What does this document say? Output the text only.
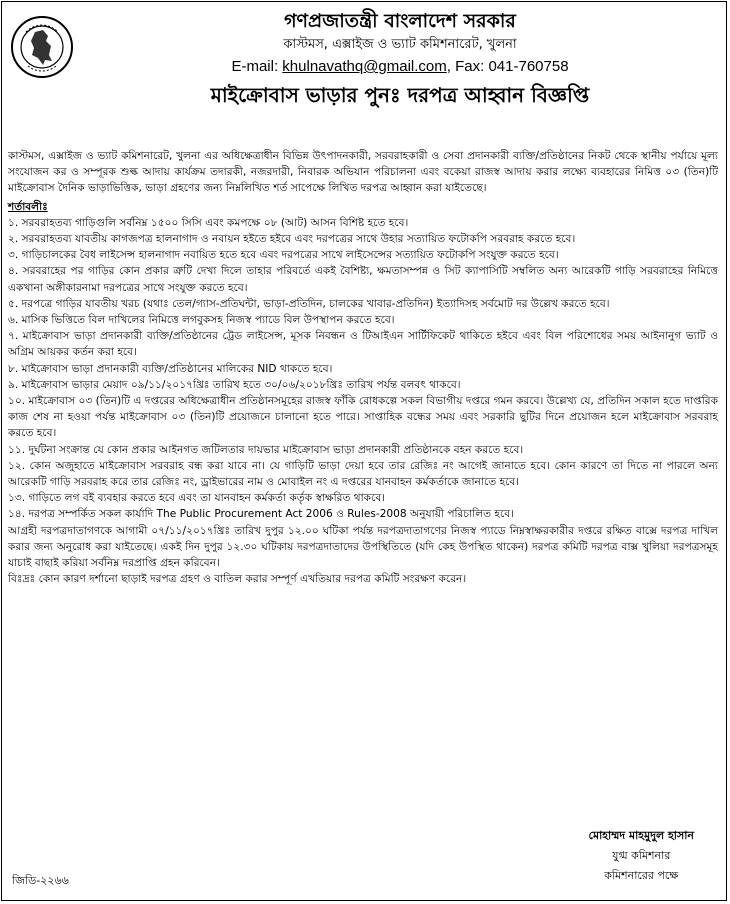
গণপ্রজাতন্ত্রী বাংলাদেশ সরকার
কাস্টমস, এক্সাইজ ও ভ্যাট কমিশনারেট, খুলনা
E-mail: khulnavathq@gmail.com, Fax: 041-760758
মাইক্রোবাস ভাড়ার পুনঃ দরপত্র আহ্বান বিজ্ঞপ্তি

কাস্টমস, এক্সাইজ ও ভ্যাট কমিশনারেট, খুলনা এর অধিক্ষেত্রাধীন বিভিন্ন উৎপাদনকারী, সরবরাহকারী ও সেবা প্রদানকারী ব্যক্তি/প্রতিষ্ঠানের নিকট থেকে স্থানীয় পর্যায়ে মূল্য সংযোজন কর ও সম্পূরক শুল্ক আদায় কার্যক্রম তদারকী, নজরদারী, নিবারক অভিযান পরিচালনা এবং বকেয়া রাজস্ব আদায় করার লক্ষ্যে ব্যবহারের নিমিত্ত ০৩ (তিন)টি মাইক্রোবাস দৈনিক ভাড়াভিত্তিক, ভাড়া গ্রহণের জন্য নিম্নলিখিত শর্ত সাপেক্ষে লিখিত দরপত্র আহ্বান করা যাইতেছে।

শর্তাবলীঃ

১. সরবরাহতব্য গাড়িগুলি সর্বনিম্ন ১৫০০ সিসি এবং কমপক্ষে ০৮ (আট) আসন বিশিষ্ট হতে হবে।

২. সরবরাহতব্য যাবতীয় কাগজপত্র হালনাগাদ ও নবায়ন হইতে হইবে এবং দরপত্রের সাথে উহার সত্যায়িত ফটোকপি সরবরাহ করতে হবে।

৩. গাড়িচালকের বৈধ লাইসেন্স হালনাগাদ নবায়িত হতে হবে এবং দরপত্রের সাথে লাইসেন্সের সত্যায়িত ফটোকপি সংযুক্ত করতে হবে।

৪. সরবরাহের পর গাড়ির কোন প্রকার ত্রুটি দেখা দিলে তাহার পরিবর্তে একই বৈশিষ্ট্য, ক্ষমতাসম্পন্ন ও সিট ক্যাপাসিটি সম্বলিত অন্য আরেকটি গাড়ি সরবরাহের নিমিত্তে একখানা অঙ্গীকারনামা দরপত্রের সাথে সংযুক্ত করতে হবে।

৫. দরপত্রে গাড়ির যাবতীয় খরচ (যথাঃ তেল/গ্যাস-প্রতিঘন্টা, ভাড়া-প্রতিদিন, চালকের খাবার-প্রতিদিন) ইত্যাদিসহ সর্বমোট দর উল্লেখ করতে হবে।

৬. মাসিক ভিত্তিতে বিল দাখিলের নিমিত্তে লগবুকসহ নিজস্ব প্যাডে বিল উপস্থাপন করতে হবে।

৭. মাইক্রোবাস ভাড়া প্রদানকারী ব্যক্তি/প্রতিষ্ঠানের ট্রেড লাইসেন্স, মূসক নিবন্ধন ও টিআইএন সার্টিফিকেট থাকিতে হইবে এবং বিল পরিশোধের সময় আইনানুগ ভ্যাট ও অগ্রিম আয়কর কর্তন করা হবে।

৮. মাইক্রোবাস ভাড়া প্রদানকারী ব্যক্তি/প্রতিষ্ঠানের মালিকের NID থাকতে হবে।

৯. মাইক্রোবাস ভাড়ার মেয়াদ ০৯/১১/২০১৭খ্রিঃ তারিখ হতে ৩০/০৬/২০১৮খ্রিঃ তারিখ পর্যন্ত বলবৎ থাকবে।

১০. মাইক্রোবাস ০৩ (তিন)টি এ দপ্তরের অধিক্ষেত্রাধীন প্রতিষ্ঠানসমূহের রাজস্ব ফাঁকি রোধকল্পে সকল বিভাগীয় দপ্তরে গমন করবে। উল্লেখ্য যে, প্রতিদিন সকাল হতে দাপ্তরিক কাজ শেষ না হওয়া পর্যন্ত মাইক্রোবাস ০৩ (তিন)টি প্রয়োজনে চালানো হতে পারে। সাপ্তাহিক বন্ধের সময় এবং সরকারি ছুটির দিনে প্রয়োজন হলে মাইক্রোবাস সরবরাহ করতে হবে।

১১. দুর্ঘটনা সংক্রান্ত যে কোন প্রকার আইনগত জটিলতার দায়ভার মাইক্রোবাস ভাড়া প্রদানকারী প্রতিষ্ঠানকে বহন করতে হবে।

১২. কোন অজুহাতে মাইক্রোবাস সরবরাহ বন্ধ করা যাবে না। যে গাড়িটি ভাড়া দেয়া হবে তার রেজিঃ নং আগেই জানাতে হবে। কোন কারণে তা দিতে না পারলে অন্য আরেকটি গাড়ি সরবরাহ করে তার রেজিঃ নং, ড্রাইভারের নাম ও মোবাইল নং এ দপ্তরের যানবাহন কর্মকর্তাকে জানাতে হবে।

১৩. গাড়িতে লগ বই ব্যবহার করতে হবে এবং তা যানবাহন কর্মকর্তা কর্তৃক স্বাক্ষরিত থাকবে।

১৪. দরপত্র সম্পর্কিত সকল কার্যাদি The Public Procurement Act 2006 ও Rules-2008 অনুযায়ী পরিচালিত হবে।

আগ্রহী দরপত্রদাতাগণকে আগামী ০৭/১১/২০১৭খ্রিঃ তারিখ দুপুর ১২.০০ ঘটিকা পর্যন্ত দরপত্রদাতাগণের নিজস্ব প্যাডে নিম্নস্বাক্ষরকারীর দপ্তরে রক্ষিত বাক্সে দরপত্র দাখিল করার জন্য অনুরোধ করা যাইতেছে। একই দিন দুপুর ১২.৩০ ঘটিকায় দরপত্রদাতাদের উপস্থিতিতে (যদি কেহ উপস্থিত থাকেন) দরপত্র কমিটি দরপত্র বাক্স খুলিয়া দরপত্রসমূহ যাচাই বাছাই করিয়া সর্বনিম্ন দরপ্রাপ্তি গ্রহন করিবেন।

বিঃদ্রঃ কোন কারণ দর্শানো ছাড়াই দরপত্র গ্রহণ ও বাতিল করার সম্পূর্ণ এখতিয়ার দরপত্র কমিটি সংরক্ষণ করেন।

মোহাম্মদ মাহমুদুল হাসান
যুগ্ম কমিশনার
কমিশনারের পক্ষে
জিডি-২২৬৬
